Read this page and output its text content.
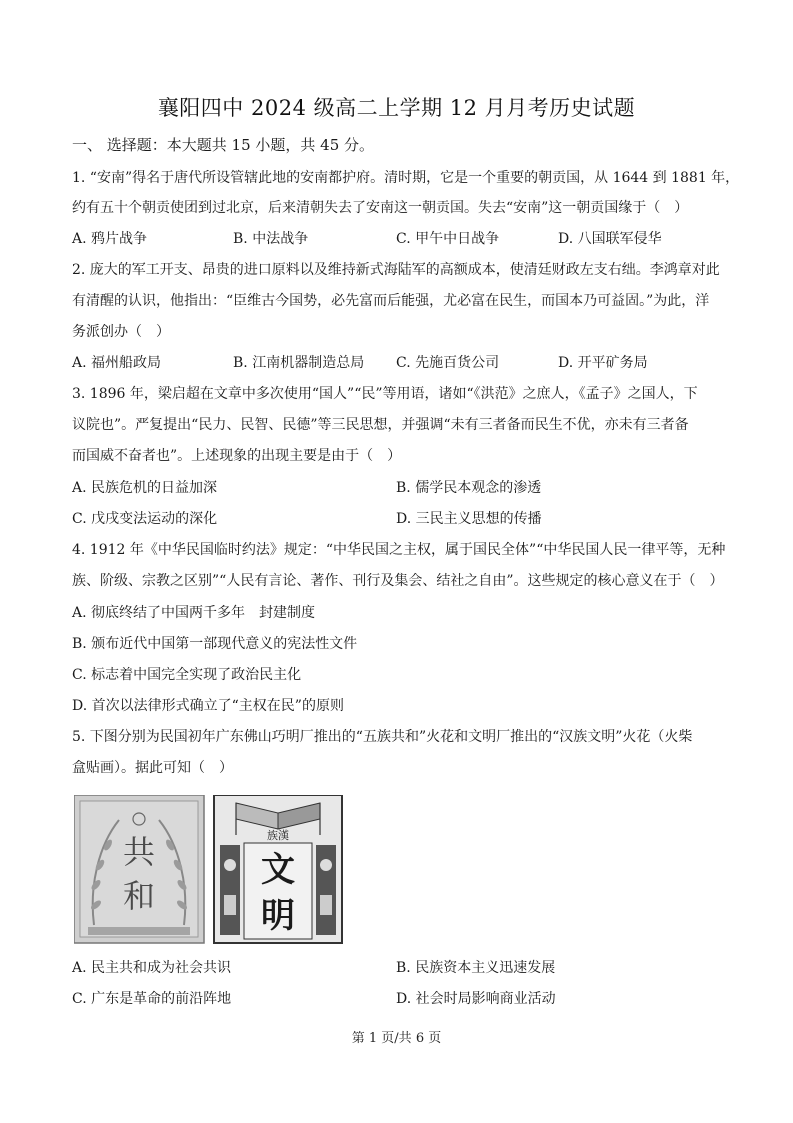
襄阳四中 2024 级高二上学期 12 月月考历史试题
一、 选择题：本大题共 15 小题，共 45 分。
1. “安南”得名于唐代所设管辖此地的安南都护府。清时期，它是一个重要的朝贡国，从 1644 到 1881 年，
约有五十个朝贡使团到过北京，后来清朝失去了安南这一朝贡国。失去“安南”这一朝贡国缘于（　）
A. 鸦片战争	B. 中法战争	C. 甲午中日战争	D. 八国联军侵华
2. 庞大的军工开支、昂贵的进口原料以及维持新式海陆军的高额成本，使清廷财政左支右绌。李鸿章对此
有清醒的认识，他指出：“臣维古今国势，必先富而后能强，尤必富在民生，而国本乃可益固。”为此，洋
务派创办（　）
A. 福州船政局	B. 江南机器制造总局 C. 先施百货公司	D. 开平矿务局
3. 1896 年，梁启超在文章中多次使用“国人”“民”等用语，诸如“《洪范》之庶人，《孟子》之国人，下
议院也”。严复提出“民力、民智、民德”等三民思想，并强调“未有三者备而民生不优，亦未有三者备
而国威不奋者也”。上述现象的出现主要是由于（　）
A. 民族危机的日益加深	B. 儒学民本观念的渗透
C. 戊戌变法运动的深化	D. 三民主义思想的传播
4. 1912 年《中华民国临时约法》规定：“中华民国之主权，属于国民全体”“中华民国人民一律平等，无种
族、阶级、宗教之区别”“人民有言论、著作、刊行及集会、结社之自由”。这些规定的核心意义在于（　）
A. 彻底终结了中国两千多年　封建制度
B. 颁布近代中国第一部现代意义的宪法性文件
C. 标志着中国完全实现了政治民主化
D. 首次以法律形式确立了“主权在民”的原则
5. 下图分别为民国初年广东佛山巧明厂推出的“五族共和”火花和文明厂推出的“汉族文明”火花（火柴
盒贴画）。据此可知（　）
共
和
族漢
文
明
A. 民主共和成为社会共识	B. 民族资本主义迅速发展
C. 广东是革命的前沿阵地	D. 社会时局影响商业活动
第 1 页/共 6 页
